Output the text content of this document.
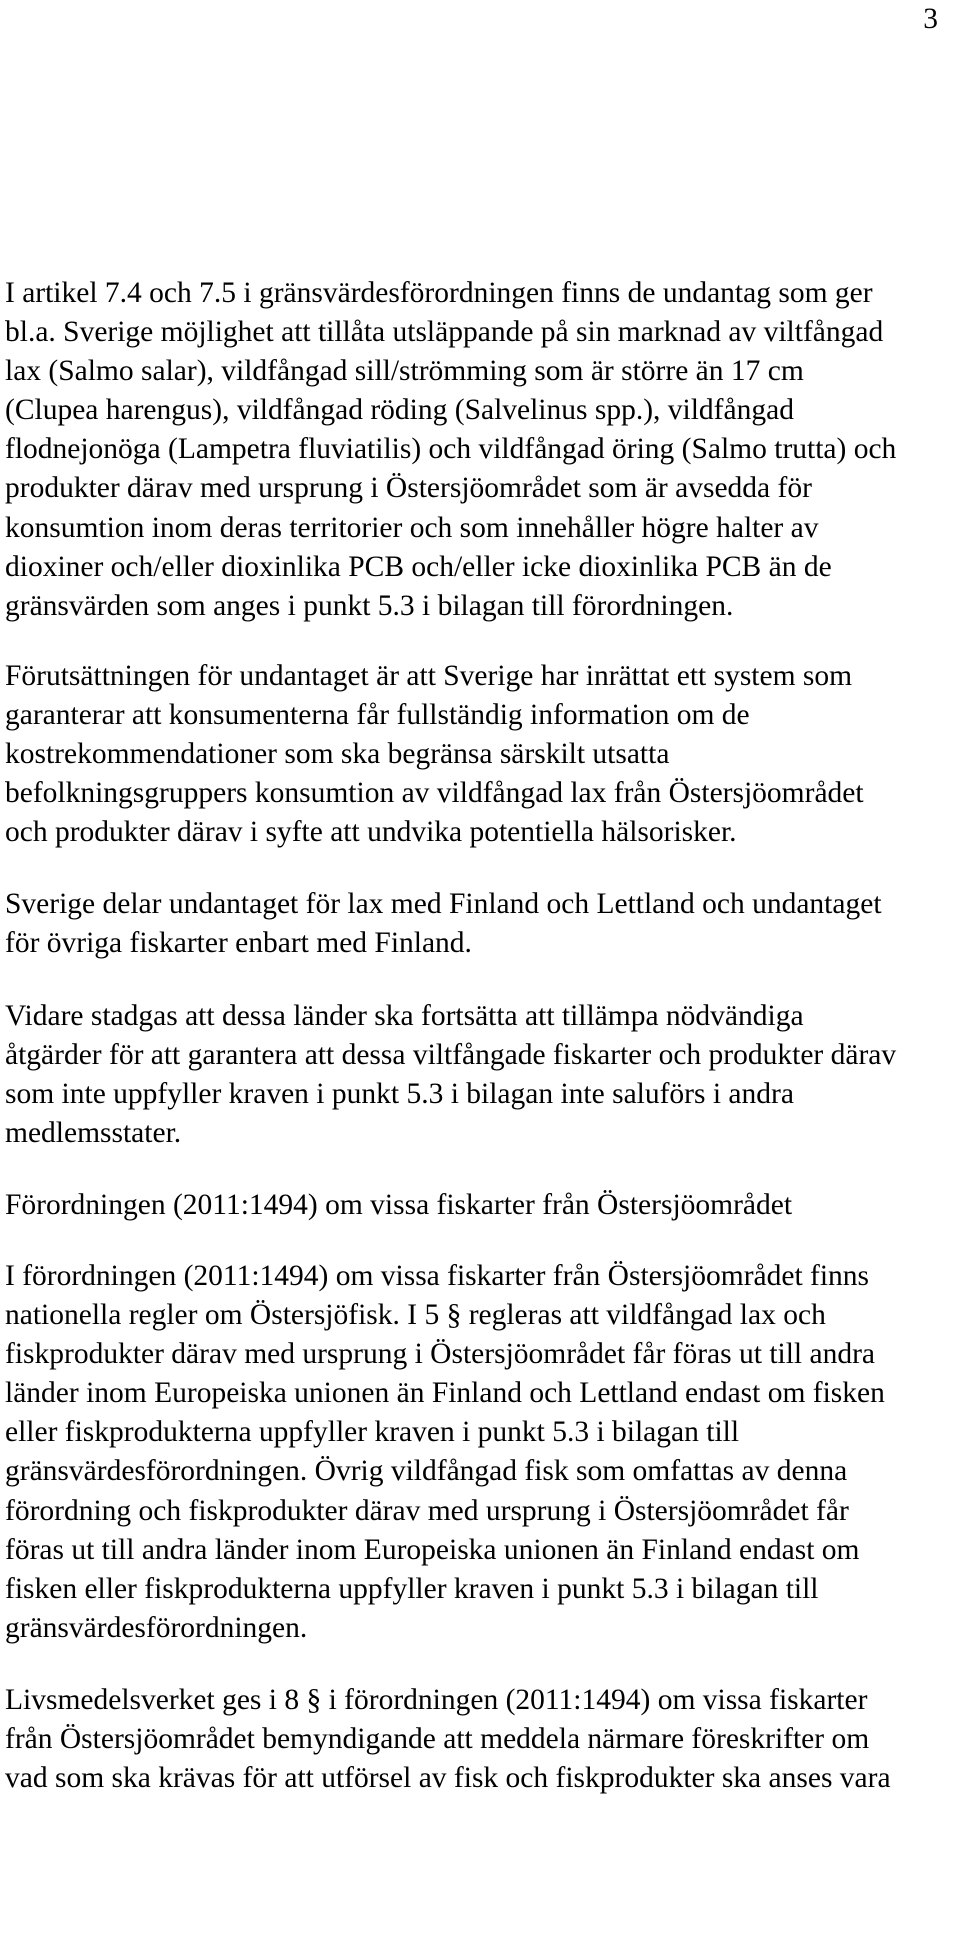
3

I artikel 7.4 och 7.5 i gränsvärdesförordningen finns de undantag som ger
bl.a. Sverige möjlighet att tillåta utsläppande på sin marknad av viltfångad
lax (Salmo salar), vildfångad sill/strömming som är större än 17 cm
(Clupea harengus), vildfångad röding (Salvelinus spp.), vildfångad
flodnejonöga (Lampetra fluviatilis) och vildfångad öring (Salmo trutta) och
produkter därav med ursprung i Östersjöområdet som är avsedda för
konsumtion inom deras territorier och som innehåller högre halter av
dioxiner och/eller dioxinlika PCB och/eller icke dioxinlika PCB än de
gränsvärden som anges i punkt 5.3 i bilagan till förordningen.

Förutsättningen för undantaget är att Sverige har inrättat ett system som
garanterar att konsumenterna får fullständig information om de
kostrekommendationer som ska begränsa särskilt utsatta
befolkningsgruppers konsumtion av vildfångad lax från Östersjöområdet
och produkter därav i syfte att undvika potentiella hälsorisker.

Sverige delar undantaget för lax med Finland och Lettland och undantaget
för övriga fiskarter enbart med Finland.

Vidare stadgas att dessa länder ska fortsätta att tillämpa nödvändiga
åtgärder för att garantera att dessa viltfångade fiskarter och produkter därav
som inte uppfyller kraven i punkt 5.3 i bilagan inte saluförs i andra
medlemsstater.

Förordningen (2011:1494) om vissa fiskarter från Östersjöområdet

I förordningen (2011:1494) om vissa fiskarter från Östersjöområdet finns
nationella regler om Östersjöfisk. I 5 § regleras att vildfångad lax och
fiskprodukter därav med ursprung i Östersjöområdet får föras ut till andra
länder inom Europeiska unionen än Finland och Lettland endast om fisken
eller fiskprodukterna uppfyller kraven i punkt 5.3 i bilagan till
gränsvärdesförordningen. Övrig vildfångad fisk som omfattas av denna
förordning och fiskprodukter därav med ursprung i Östersjöområdet får
föras ut till andra länder inom Europeiska unionen än Finland endast om
fisken eller fiskprodukterna uppfyller kraven i punkt 5.3 i bilagan till
gränsvärdesförordningen.

Livsmedelsverket ges i 8 § i förordningen (2011:1494) om vissa fiskarter
från Östersjöområdet bemyndigande att meddela närmare föreskrifter om
vad som ska krävas för att utförsel av fisk och fiskprodukter ska anses vara
